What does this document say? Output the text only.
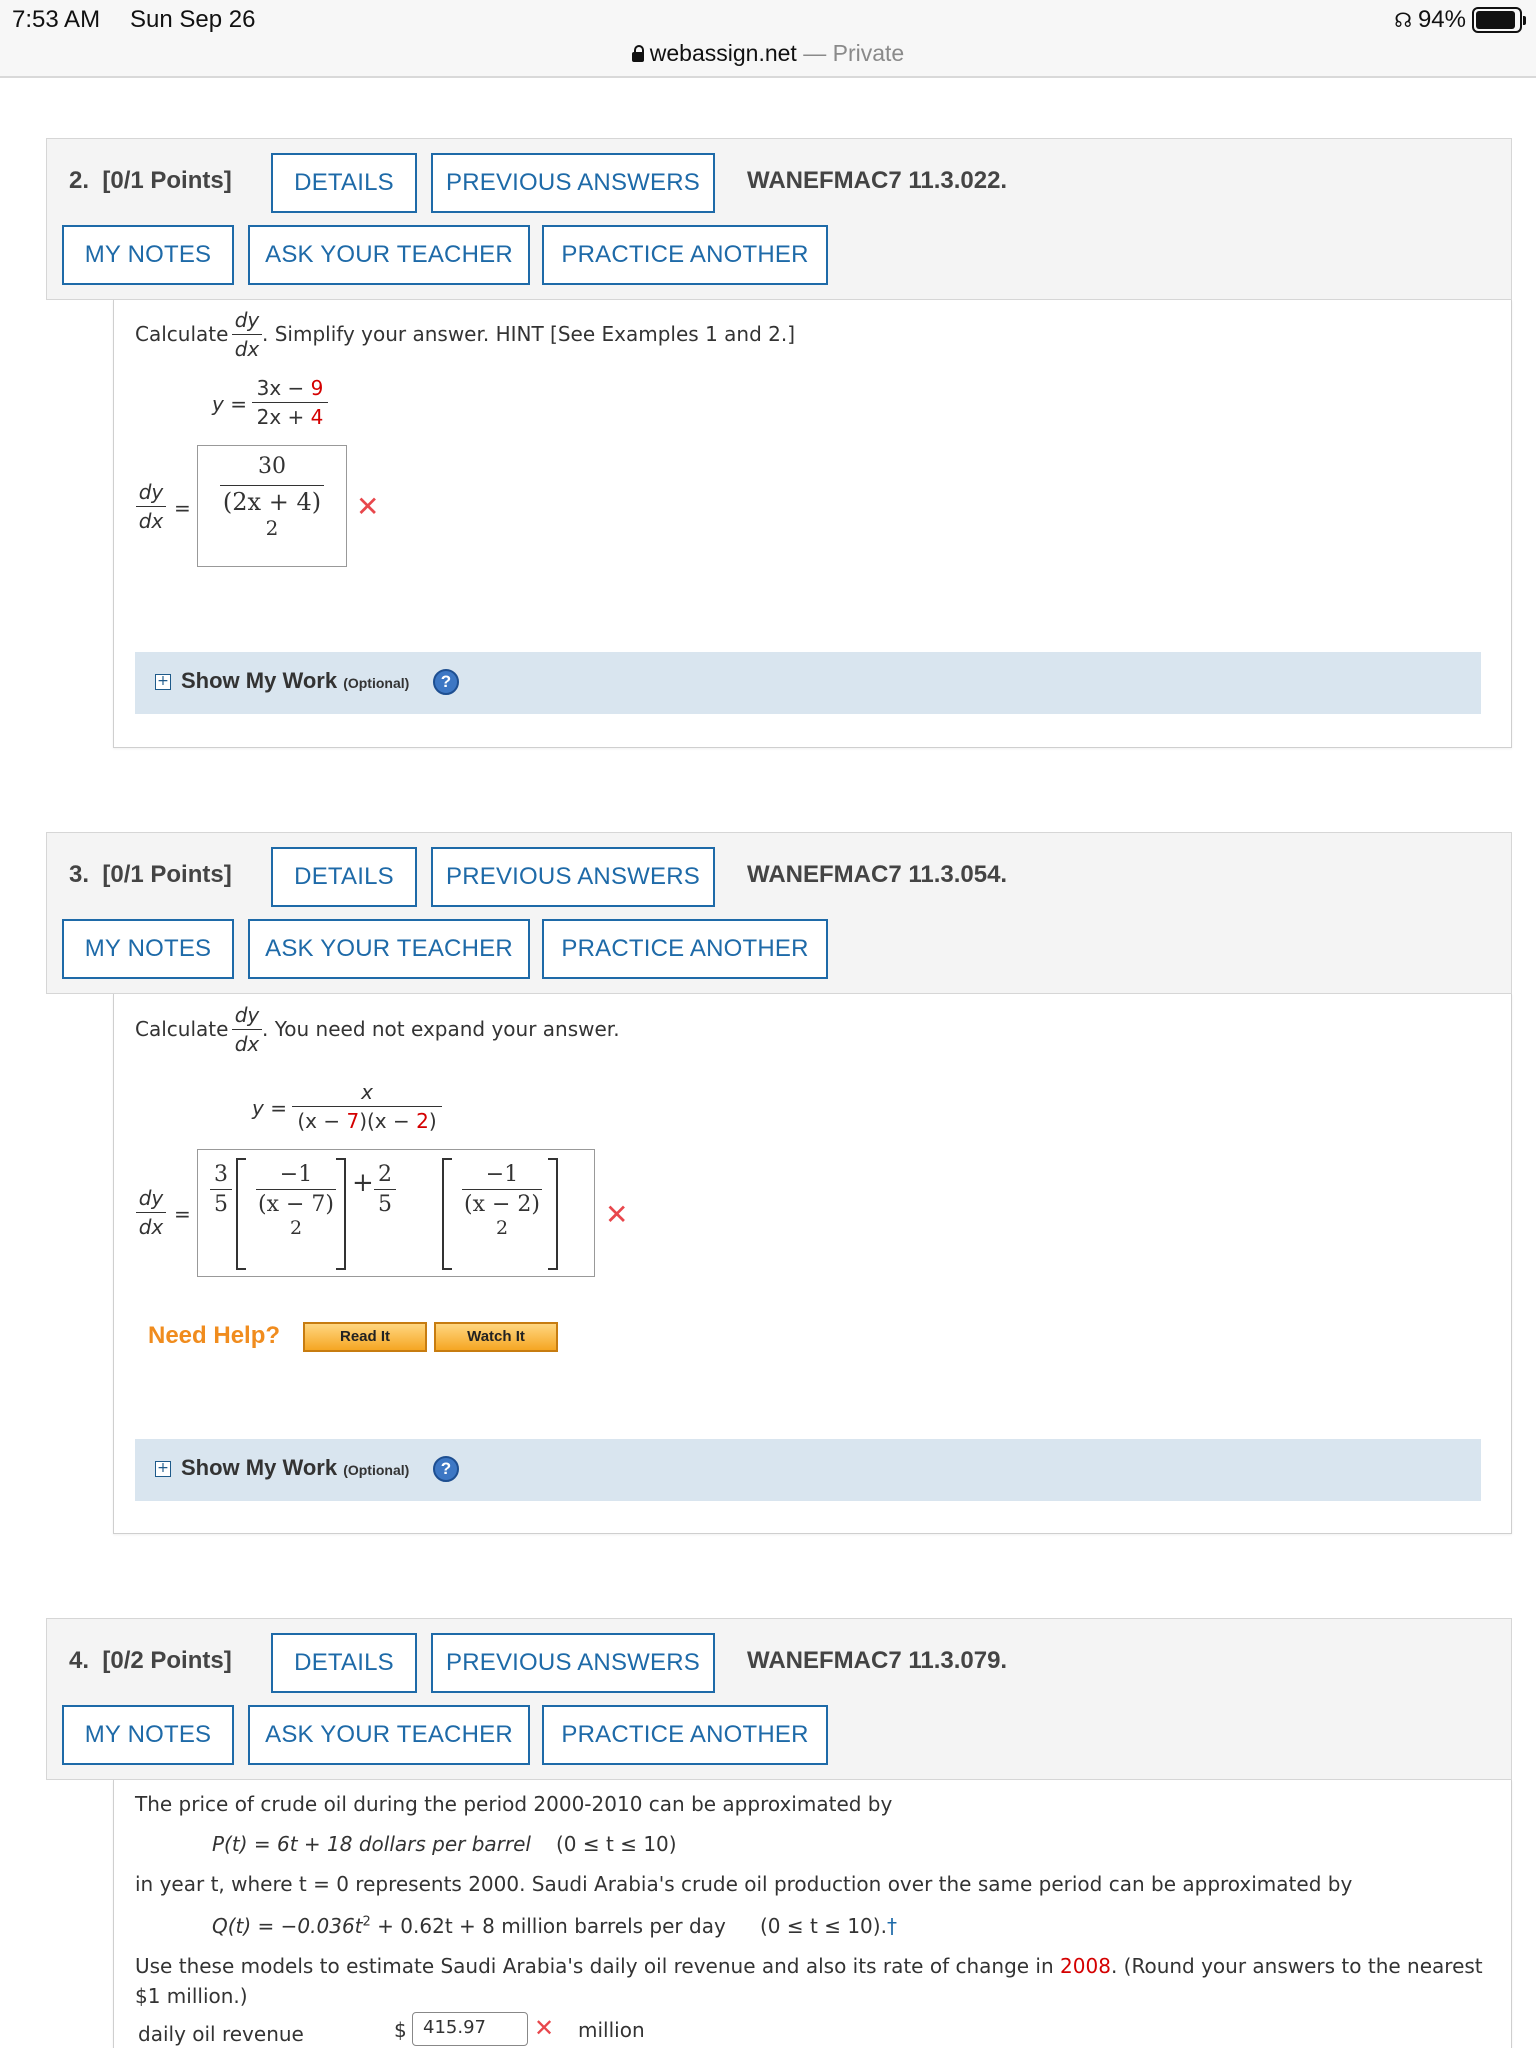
7:53 AM Sun Sep 26	☊ 94%
webassign.net — Private
2. [0/1 Points]	DETAILS	PREVIOUS ANSWERS	WANEFMAC7 11.3.022.
MY NOTES	ASK YOUR TEACHER	PRACTICE ANOTHER
Calculate
dy
dx
. Simplify your answer. HINT [See Examples 1 and 2.]
y =
3x − 9
2x + 4
dy
dx
=
30
(2x + 4)
2
✕
+ Show My Work (Optional)	?
3. [0/1 Points]	DETAILS	PREVIOUS ANSWERS	WANEFMAC7 11.3.054.
MY NOTES	ASK YOUR TEACHER	PRACTICE ANOTHER
Calculate
dy
dx
. You need not expand your answer.
y =
x
(x − 7)(x − 2)
dy
dx
=
3
5
−1
(x − 7)
2
+ 2
5
−1
(x − 2)
2	✕
Need Help?	Read It	Watch It
+ Show My Work (Optional)	?
4. [0/2 Points]	DETAILS	PREVIOUS ANSWERS	WANEFMAC7 11.3.079.
MY NOTES	ASK YOUR TEACHER	PRACTICE ANOTHER
The price of crude oil during the period 2000-2010 can be approximated by
P(t) = 6t + 18 dollars per barrel (0 ≤ t ≤ 10)
in year t, where t = 0 represents 2000. Saudi Arabia's crude oil production over the same period can be approximated by
$Q(t) = -0.036t^2 + 0.62t + 8$ million barrels per day (0 ≤ t ≤ 10).†
Use these models to estimate Saudi Arabia's daily oil revenue and also its rate of change in 2008. (Round your answers to the nearest
$1 million.)
daily oil revenue	$ 415.97	✕ million
